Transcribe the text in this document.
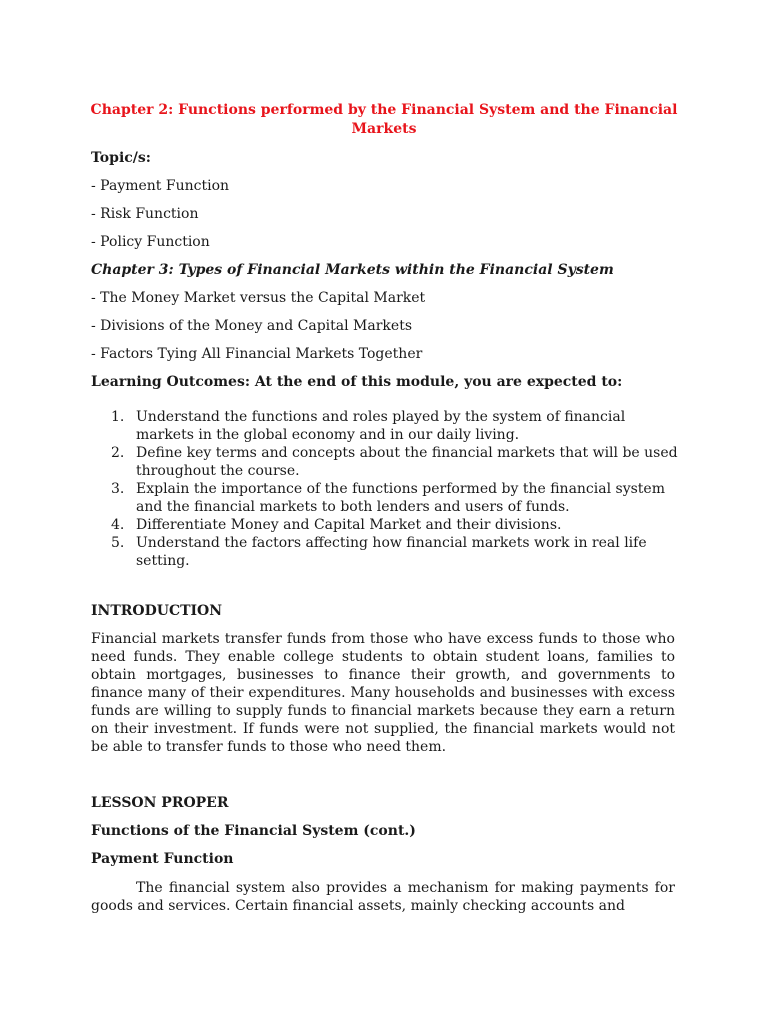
Chapter 2: Functions performed by the Financial System and the Financial Markets
Topic/s:
- Payment Function
- Risk Function
- Policy Function
Chapter 3: Types of Financial Markets within the Financial System
- The Money Market versus the Capital Market
- Divisions of the Money and Capital Markets
- Factors Tying All Financial Markets Together
Learning Outcomes: At the end of this module, you are expected to:
1. Understand the functions and roles played by the system of financial markets in the global economy and in our daily living.
2. Define key terms and concepts about the financial markets that will be used throughout the course.
3. Explain the importance of the functions performed by the financial system and the financial markets to both lenders and users of funds.
4. Differentiate Money and Capital Market and their divisions.
5. Understand the factors affecting how financial markets work in real life setting.
INTRODUCTION
Financial markets transfer funds from those who have excess funds to those who need funds. They enable college students to obtain student loans, families to obtain mortgages, businesses to finance their growth, and governments to finance many of their expenditures. Many households and businesses with excess funds are willing to supply funds to financial markets because they earn a return on their investment. If funds were not supplied, the financial markets would not be able to transfer funds to those who need them.
LESSON PROPER
Functions of the Financial System (cont.)
Payment Function
The financial system also provides a mechanism for making payments for goods and services. Certain financial assets, mainly checking accounts and
